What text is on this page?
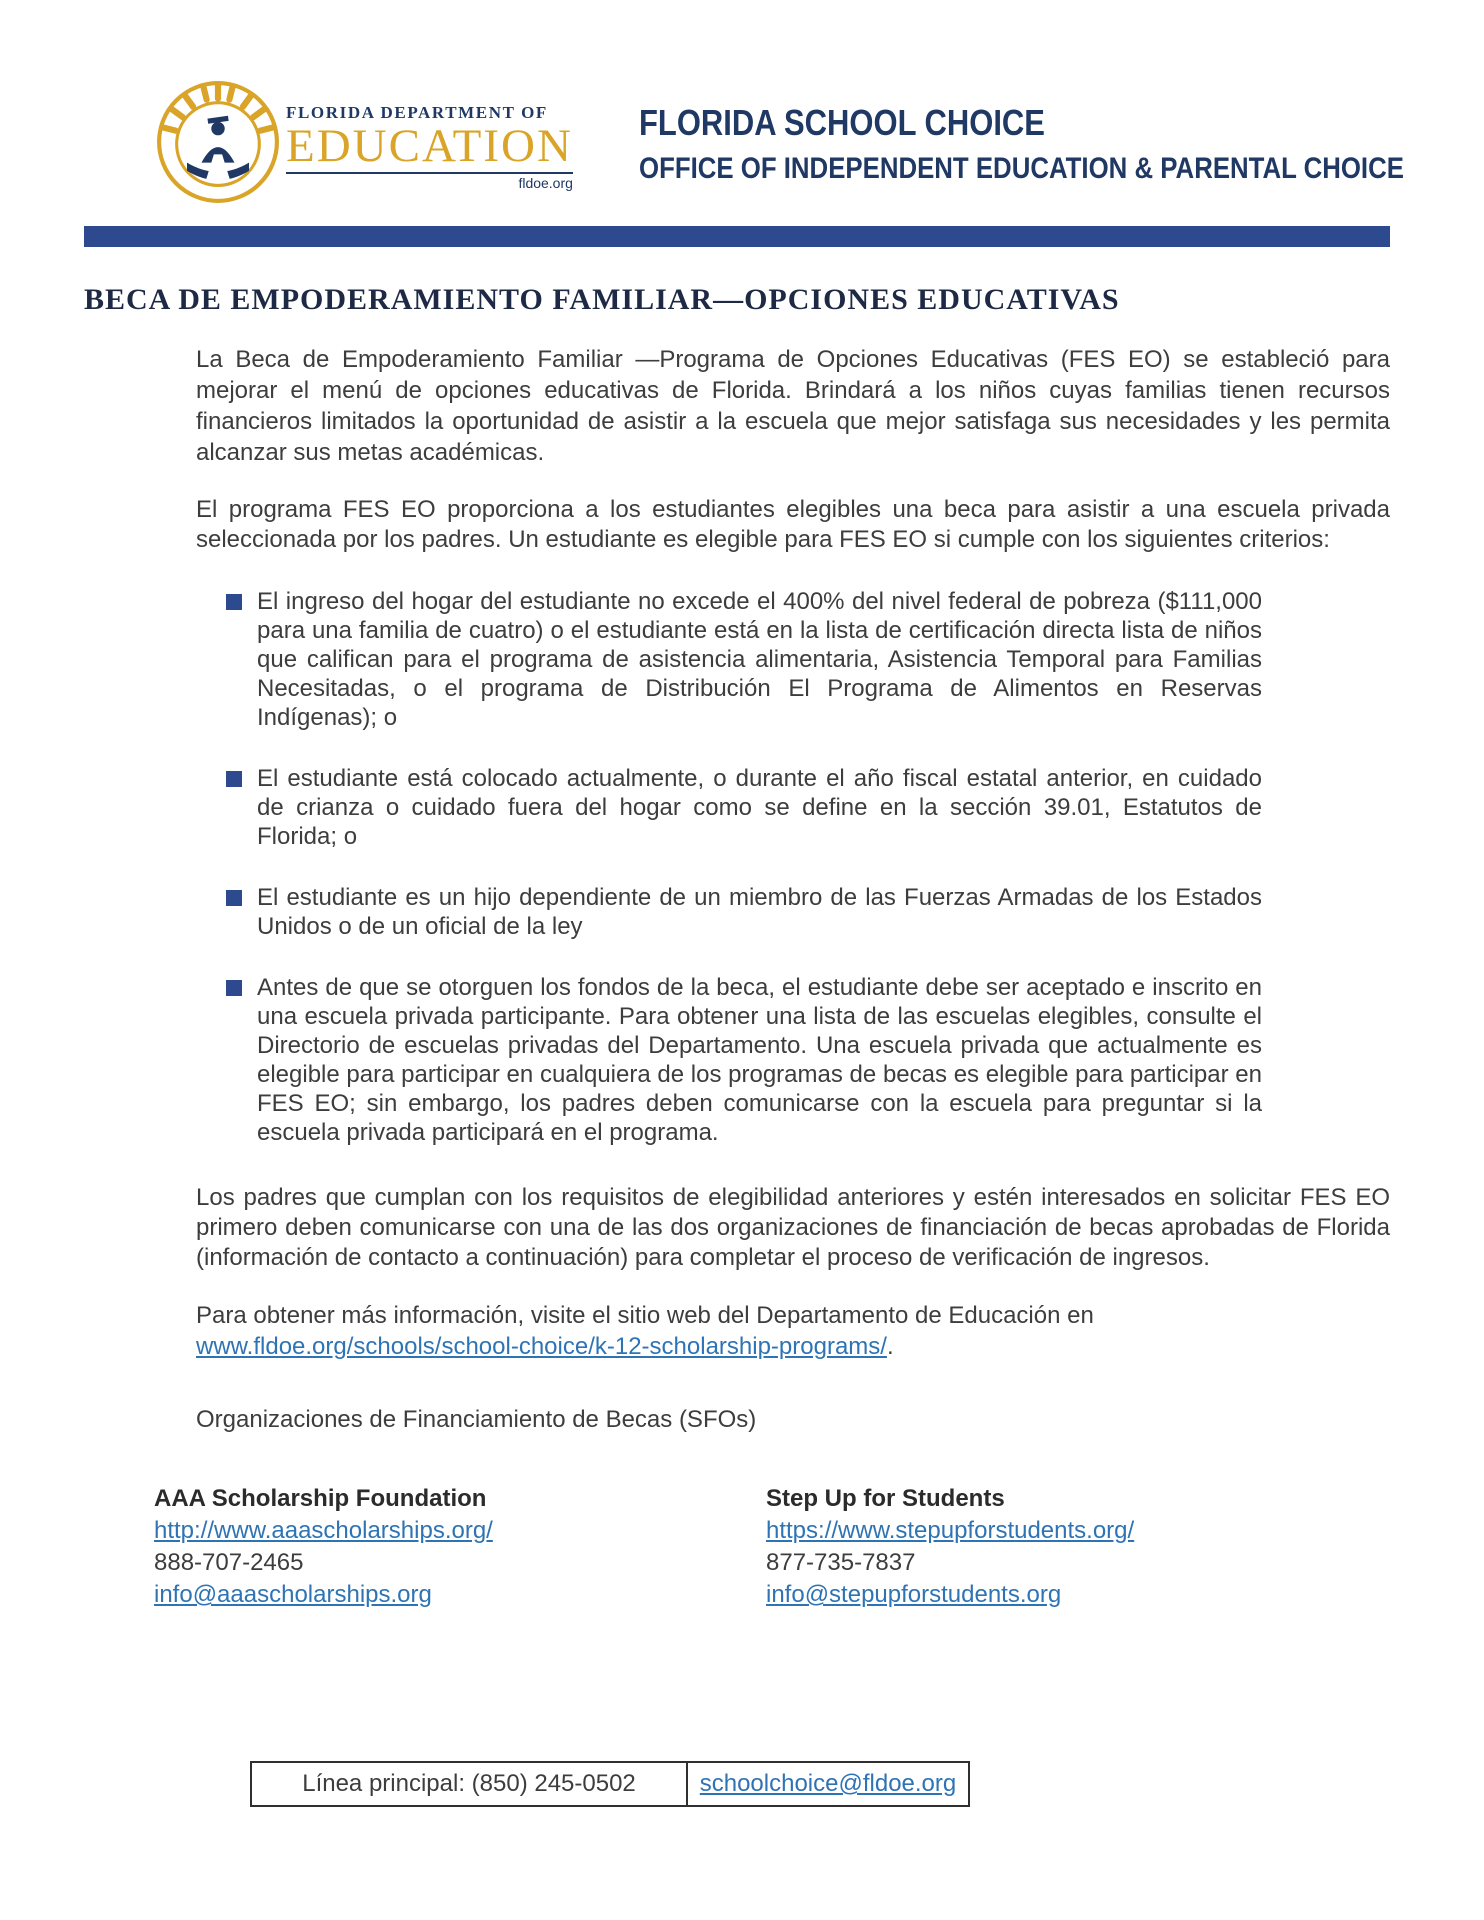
FLORIDA DEPARTMENT OF
EDUCATION
fldoe.org
FLORIDA SCHOOL CHOICE
OFFICE OF INDEPENDENT EDUCATION & PARENTAL CHOICE
BECA DE EMPODERAMIENTO FAMILIAR—OPCIONES EDUCATIVAS

La Beca de Empoderamiento Familiar —Programa de Opciones Educativas (FES EO) se estableció para mejorar el menú de opciones educativas de Florida. Brindará a los niños cuyas familias tienen recursos financieros limitados la oportunidad de asistir a la escuela que mejor satisfaga sus necesidades y les permita alcanzar sus metas académicas.

El programa FES EO proporciona a los estudiantes elegibles una beca para asistir a una escuela privada seleccionada por los padres. Un estudiante es elegible para FES EO si cumple con los siguientes criterios:

El ingreso del hogar del estudiante no excede el 400% del nivel federal de pobreza ($111,000 para una familia de cuatro) o el estudiante está en la lista de certificación directa lista de niños que califican para el programa de asistencia alimentaria, Asistencia Temporal para Familias Necesitadas, o el programa de Distribución El Programa de Alimentos en Reservas Indígenas); o
El estudiante está colocado actualmente, o durante el año fiscal estatal anterior, en cuidado de crianza o cuidado fuera del hogar como se define en la sección 39.01, Estatutos de Florida; o
El estudiante es un hijo dependiente de un miembro de las Fuerzas Armadas de los Estados Unidos o de un oficial de la ley
Antes de que se otorguen los fondos de la beca, el estudiante debe ser aceptado e inscrito en una escuela privada participante. Para obtener una lista de las escuelas elegibles, consulte el Directorio de escuelas privadas del Departamento. Una escuela privada que actualmente es elegible para participar en cualquiera de los programas de becas es elegible para participar en FES EO; sin embargo, los padres deben comunicarse con la escuela para preguntar si la escuela privada participará en el programa.

Los padres que cumplan con los requisitos de elegibilidad anteriores y estén interesados en solicitar FES EO primero deben comunicarse con una de las dos organizaciones de financiación de becas aprobadas de Florida (información de contacto a continuación) para completar el proceso de verificación de ingresos.

Para obtener más información, visite el sitio web del Departamento de Educación en www.fldoe.org/schools/school-choice/k-12-scholarship-programs/.

Organizaciones de Financiamiento de Becas (SFOs)

AAA Scholarship Foundation
http://www.aaascholarships.org/
888-707-2465
info@aaascholarships.org
Step Up for Students
https://www.stepupforstudents.org/
877-735-7837
info@stepupforstudents.org
Línea principal: (850) 245-0502	schoolchoice@fldoe.org
